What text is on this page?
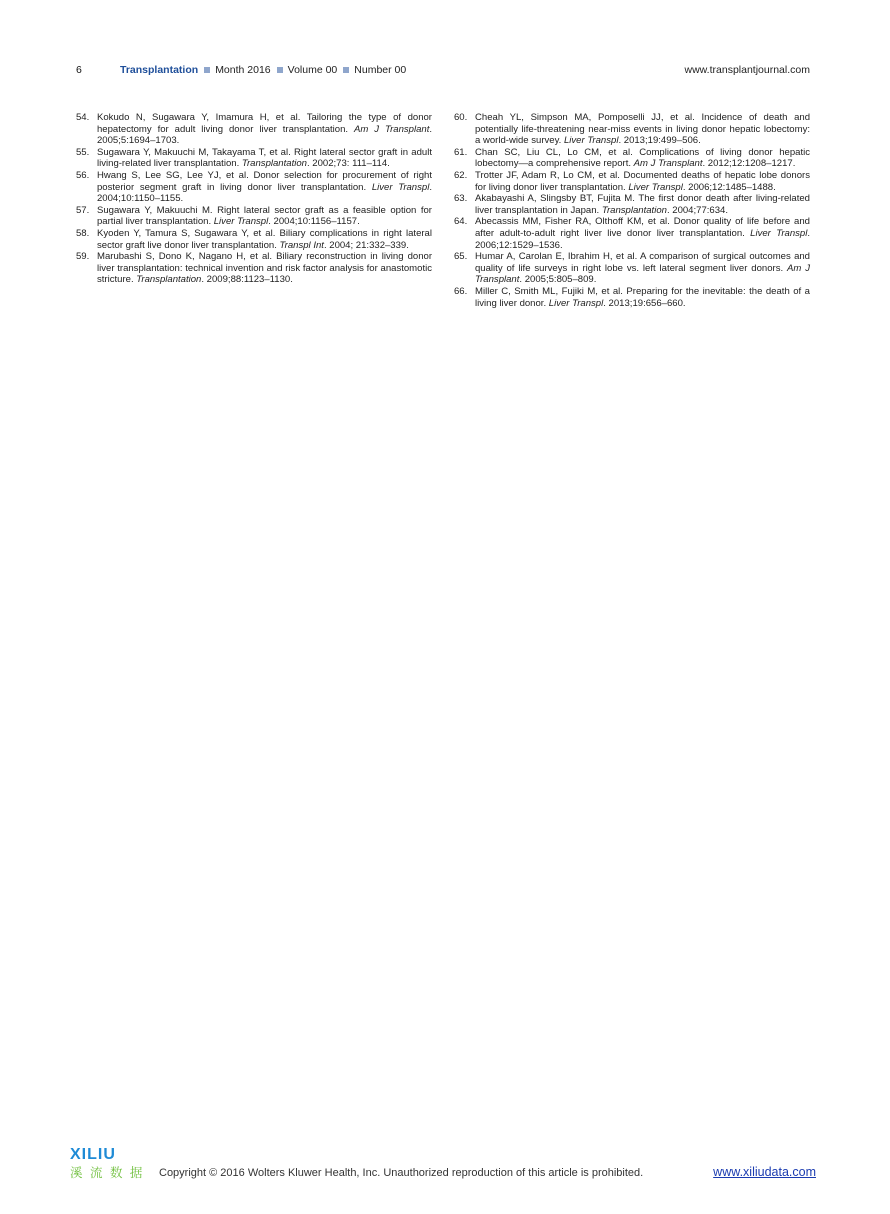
6	Transplantation Month 2016 Volume 00 Number 00	www.transplantjournal.com
54. Kokudo N, Sugawara Y, Imamura H, et al. Tailoring the type of donor hepatectomy for adult living donor liver transplantation. Am J Transplant. 2005;5:1694–1703.
55. Sugawara Y, Makuuchi M, Takayama T, et al. Right lateral sector graft in adult living-related liver transplantation. Transplantation. 2002;73: 111–114.
56. Hwang S, Lee SG, Lee YJ, et al. Donor selection for procurement of right posterior segment graft in living donor liver transplantation. Liver Transpl. 2004;10:1150–1155.
57. Sugawara Y, Makuuchi M. Right lateral sector graft as a feasible option for partial liver transplantation. Liver Transpl. 2004;10:1156–1157.
58. Kyoden Y, Tamura S, Sugawara Y, et al. Biliary complications in right lateral sector graft live donor liver transplantation. Transpl Int. 2004; 21:332–339.
59. Marubashi S, Dono K, Nagano H, et al. Biliary reconstruction in living donor liver transplantation: technical invention and risk factor analysis for anastomotic stricture. Transplantation. 2009;88:1123–1130.
60. Cheah YL, Simpson MA, Pomposelli JJ, et al. Incidence of death and potentially life-threatening near-miss events in living donor hepatic lobectomy: a world-wide survey. Liver Transpl. 2013;19:499–506.
61. Chan SC, Liu CL, Lo CM, et al. Complications of living donor hepatic lobectomy—a comprehensive report. Am J Transplant. 2012;12:1208–1217.
62. Trotter JF, Adam R, Lo CM, et al. Documented deaths of hepatic lobe donors for living donor liver transplantation. Liver Transpl. 2006;12:1485–1488.
63. Akabayashi A, Slingsby BT, Fujita M. The first donor death after living-related liver transplantation in Japan. Transplantation. 2004;77:634.
64. Abecassis MM, Fisher RA, Olthoff KM, et al. Donor quality of life before and after adult-to-adult right liver live donor liver transplantation. Liver Transpl. 2006;12:1529–1536.
65. Humar A, Carolan E, Ibrahim H, et al. A comparison of surgical outcomes and quality of life surveys in right lobe vs. left lateral segment liver donors. Am J Transplant. 2005;5:805–809.
66. Miller C, Smith ML, Fujiki M, et al. Preparing for the inevitable: the death of a living liver donor. Liver Transpl. 2013;19:656–660.
XILIU
溪 流 数 据 Copyright © 2016 Wolters Kluwer Health, Inc. Unauthorized reproduction of this article is prohibited.	www.xiliudata.com
